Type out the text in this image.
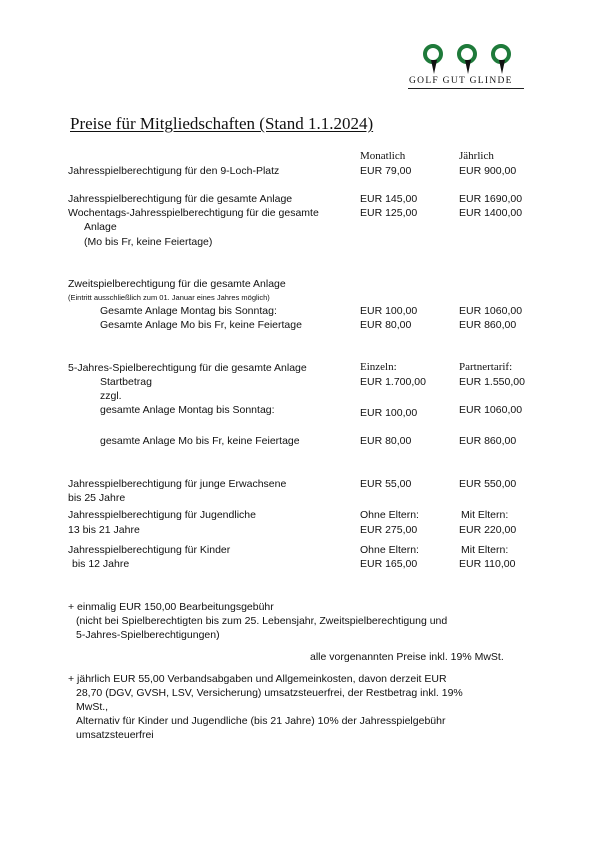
GOLF GUT GLINDE
Preise für Mitgliedschaften (Stand 1.1.2024)
Monatlich	Jährlich
Jahresspielberechtigung für den 9-Loch-Platz	EUR 79,00	EUR 900,00
Jahresspielberechtigung für die gesamte Anlage	EUR 145,00	EUR 1690,00
Wochentags-Jahresspielberechtigung für die gesamte	EUR 125,00	EUR 1400,00
Anlage
(Mo bis Fr, keine Feiertage)
Zweitspielberechtigung für die gesamte Anlage
(Eintritt ausschließlich zum 01. Januar eines Jahres möglich)
Gesamte Anlage Montag bis Sonntag:	EUR 100,00	EUR 1060,00
Gesamte Anlage Mo bis Fr, keine Feiertage	EUR 80,00	EUR 860,00
5-Jahres-Spielberechtigung für die gesamte Anlage	Einzeln:	Partnertarif:
Startbetrag	EUR 1.700,00	EUR 1.550,00
zzgl.
gesamte Anlage Montag bis Sonntag:	EUR 100,00	EUR 1060,00
gesamte Anlage Mo bis Fr, keine Feiertage	EUR 80,00	EUR 860,00
Jahresspielberechtigung für junge Erwachsene	EUR 55,00	EUR 550,00
bis 25 Jahre
Jahresspielberechtigung für Jugendliche	Ohne Eltern:	Mit Eltern:
13 bis 21 Jahre	EUR 275,00	EUR 220,00
Jahresspielberechtigung für Kinder	Ohne Eltern:	Mit Eltern:
bis 12 Jahre	EUR 165,00	EUR 110,00
+ einmalig EUR 150,00 Bearbeitungsgebühr
(nicht bei Spielberechtigten bis zum 25. Lebensjahr, Zweitspielberechtigung und
5-Jahres-Spielberechtigungen)
alle vorgenannten Preise inkl. 19% MwSt.
+ jährlich EUR 55,00 Verbandsabgaben und Allgemeinkosten, davon derzeit EUR
28,70 (DGV, GVSH, LSV, Versicherung) umsatzsteuerfrei, der Restbetrag inkl. 19%
MwSt.,
Alternativ für Kinder und Jugendliche (bis 21 Jahre) 10% der Jahresspielgebühr
umsatzsteuerfrei
